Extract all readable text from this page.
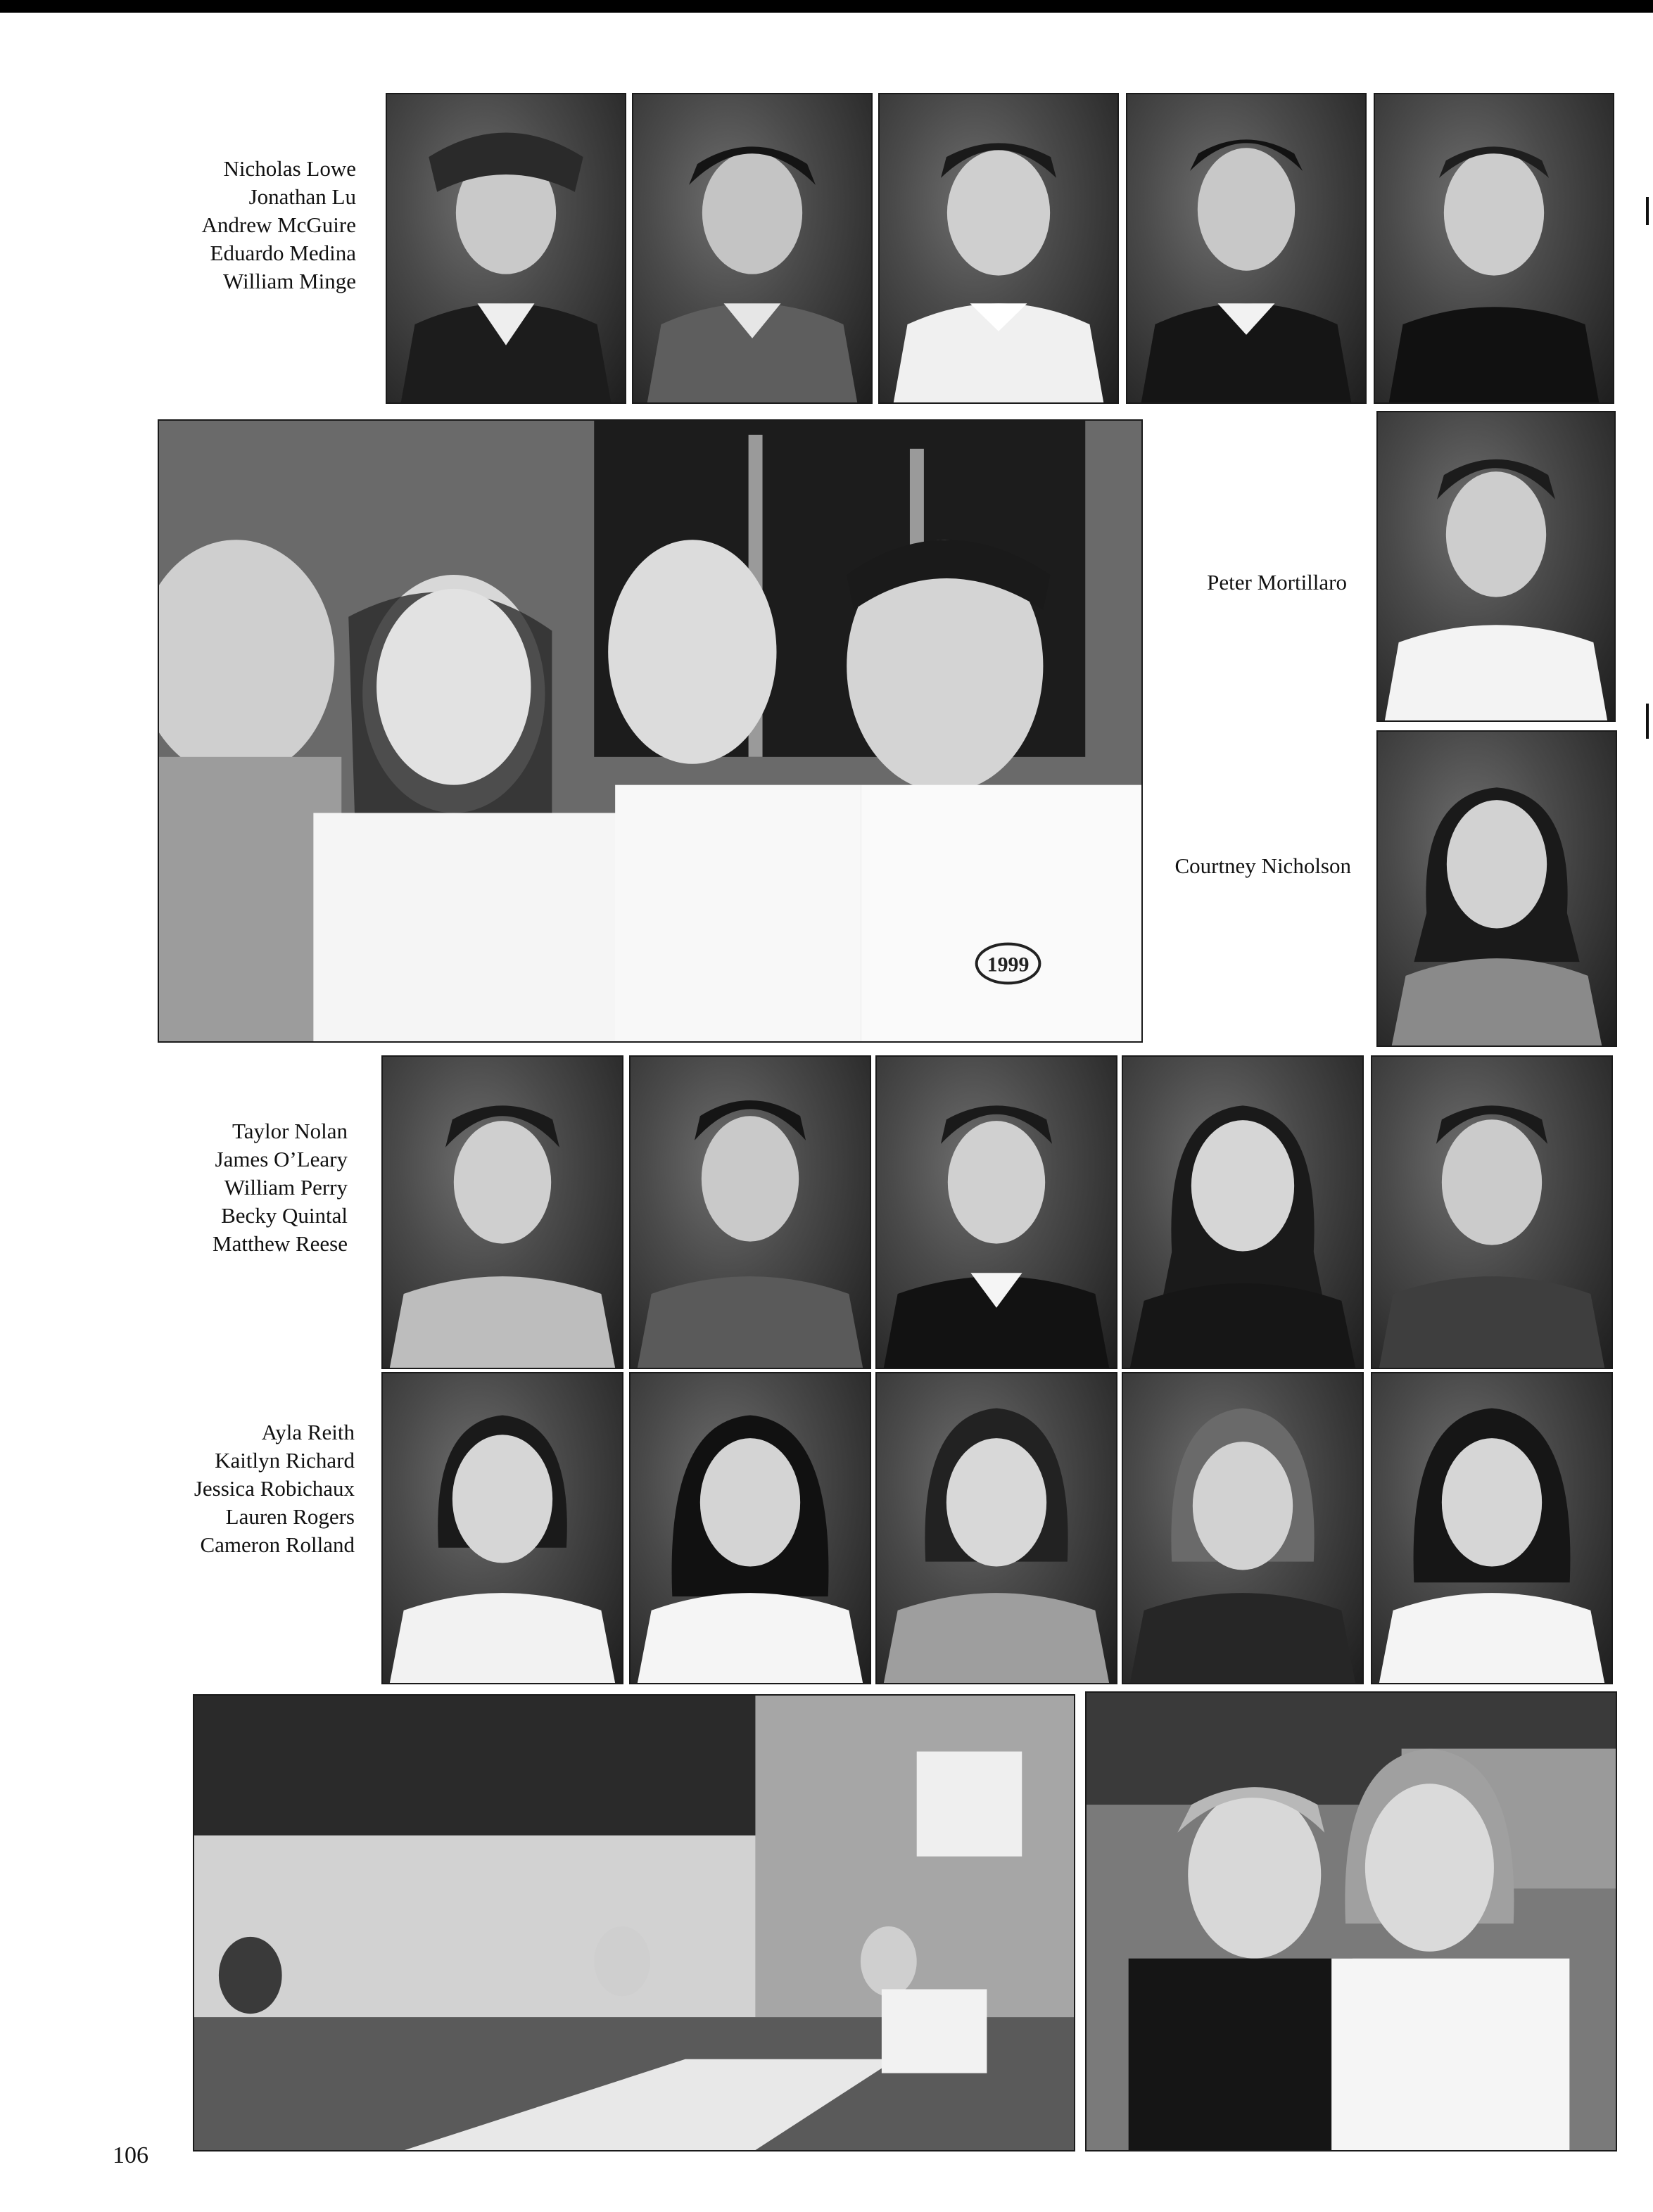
Nicholas Lowe
Jonathan Lu
Andrew McGuire
Eduardo Medina
William Minge
1999
Peter Mortillaro
Courtney Nicholson
Taylor Nolan
James O’Leary
William Perry
Becky Quintal
Matthew Reese
Ayla Reith
Kaitlyn Richard
Jessica Robichaux
Lauren Rogers
Cameron Rolland
106
